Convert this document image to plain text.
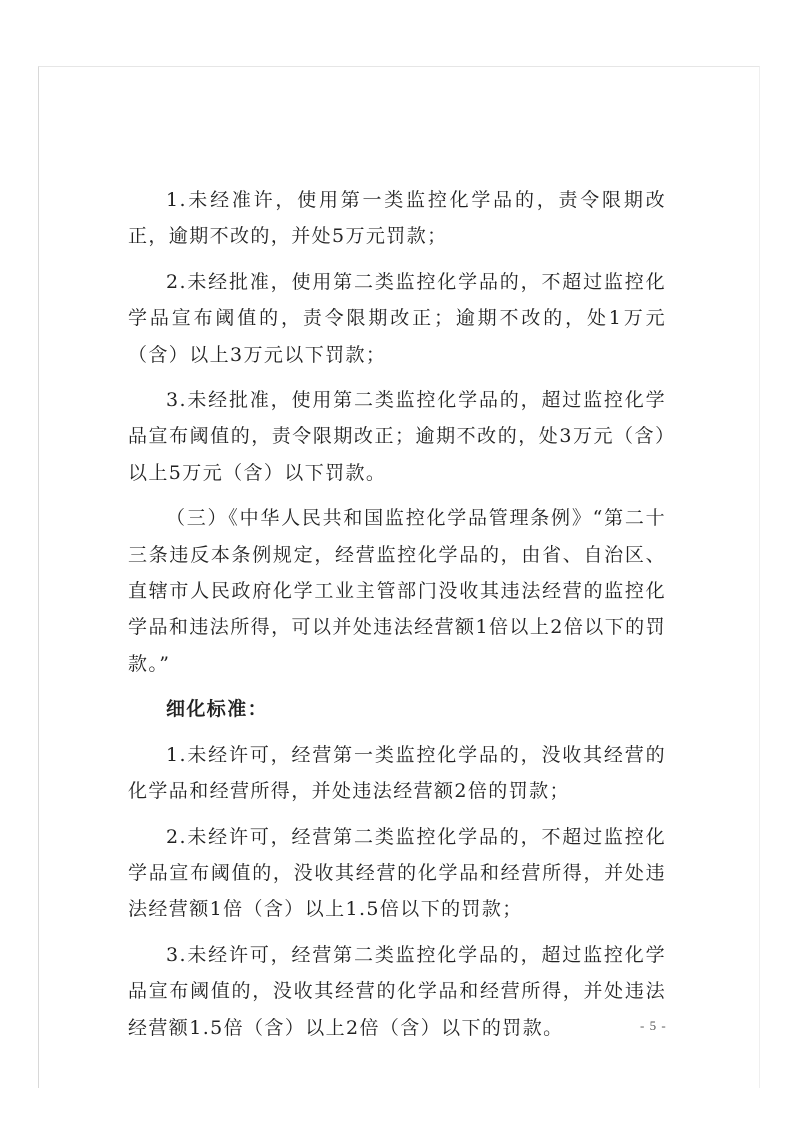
1.未经准许，使用第一类监控化学品的，责令限期改正，逾期不改的，并处5万元罚款；

2.未经批准，使用第二类监控化学品的，不超过监控化学品宣布阈值的，责令限期改正；逾期不改的，处1万元（含）以上3万元以下罚款；

3.未经批准，使用第二类监控化学品的，超过监控化学品宣布阈值的，责令限期改正；逾期不改的，处3万元（含）以上5万元（含）以下罚款。

（三）《中华人民共和国监控化学品管理条例》“第二十三条违反本条例规定，经营监控化学品的，由省、自治区、直辖市人民政府化学工业主管部门没收其违法经营的监控化学品和违法所得，可以并处违法经营额1倍以上2倍以下的罚款。”

细化标准：

1.未经许可，经营第一类监控化学品的，没收其经营的化学品和经营所得，并处违法经营额2倍的罚款；

2.未经许可，经营第二类监控化学品的，不超过监控化学品宣布阈值的，没收其经营的化学品和经营所得，并处违法经营额1倍（含）以上1.5倍以下的罚款；

3.未经许可，经营第二类监控化学品的，超过监控化学品宣布阈值的，没收其经营的化学品和经营所得，并处违法经营额1.5倍（含）以上2倍（含）以下的罚款。	- 5 -
